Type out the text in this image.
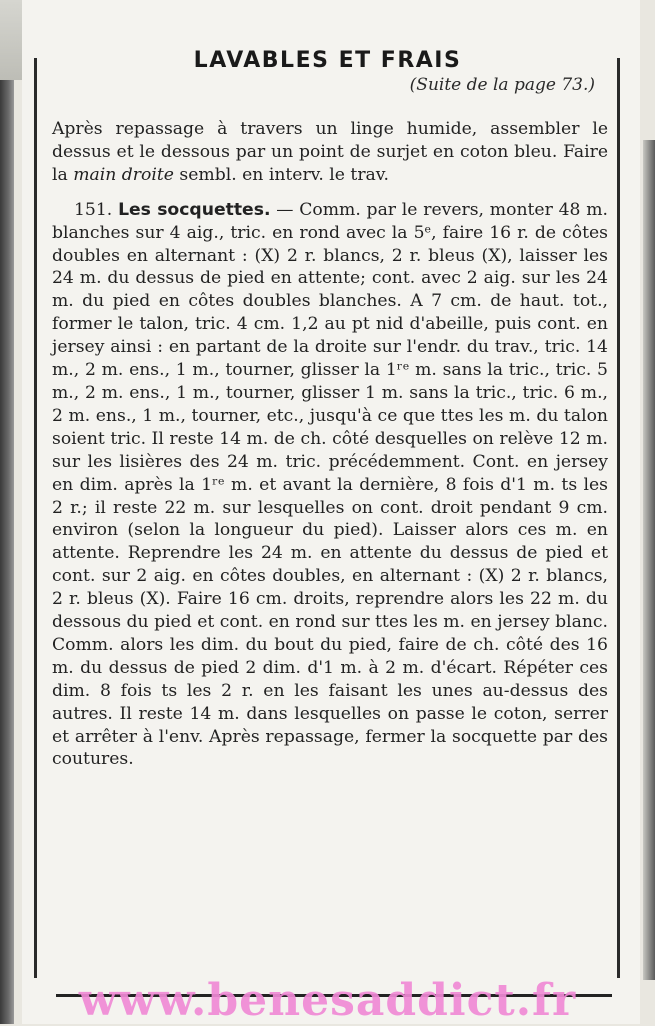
LAVABLES ET FRAIS
(Suite de la page 73.)

Après repassage à travers un linge humide, assembler le dessus et le dessous par un point de surjet en coton bleu. Faire la main droite sembl. en interv. le trav.

151. Les socquettes. — Comm. par le revers, monter 48 m. blanches sur 4 aig., tric. en rond avec la 5ᵉ, faire 16 r. de côtes doubles en alternant : (X) 2 r. blancs, 2 r. bleus (X), laisser les 24 m. du dessus de pied en attente; cont. avec 2 aig. sur les 24 m. du pied en côtes doubles blanches. A 7 cm. de haut. tot., former le talon, tric. 4 cm. 1,2 au pt nid d'abeille, puis cont. en jersey ainsi : en partant de la droite sur l'endr. du trav., tric. 14 m., 2 m. ens., 1 m., tourner, glisser la 1ʳᵉ m. sans la tric., tric. 5 m., 2 m. ens., 1 m., tourner, glisser 1 m. sans la tric., tric. 6 m., 2 m. ens., 1 m., tourner, etc., jusqu'à ce que ttes les m. du talon soient tric. Il reste 14 m. de ch. côté desquelles on relève 12 m. sur les lisières des 24 m. tric. précédemment. Cont. en jersey en dim. après la 1ʳᵉ m. et avant la dernière, 8 fois d'1 m. ts les 2 r.; il reste 22 m. sur lesquelles on cont. droit pendant 9 cm. environ (selon la longueur du pied). Laisser alors ces m. en attente. Reprendre les 24 m. en attente du dessus de pied et cont. sur 2 aig. en côtes doubles, en alternant : (X) 2 r. blancs, 2 r. bleus (X). Faire 16 cm. droits, reprendre alors les 22 m. du dessous du pied et cont. en rond sur ttes les m. en jersey blanc. Comm. alors les dim. du bout du pied, faire de ch. côté des 16 m. du dessus de pied 2 dim. d'1 m. à 2 m. d'écart. Répéter ces dim. 8 fois ts les 2 r. en les faisant les unes au-dessus des autres. Il reste 14 m. dans lesquelles on passe le coton, serrer et arrêter à l'env. Après repassage, fermer la socquette par des coutures.

www.benesaddict.fr
